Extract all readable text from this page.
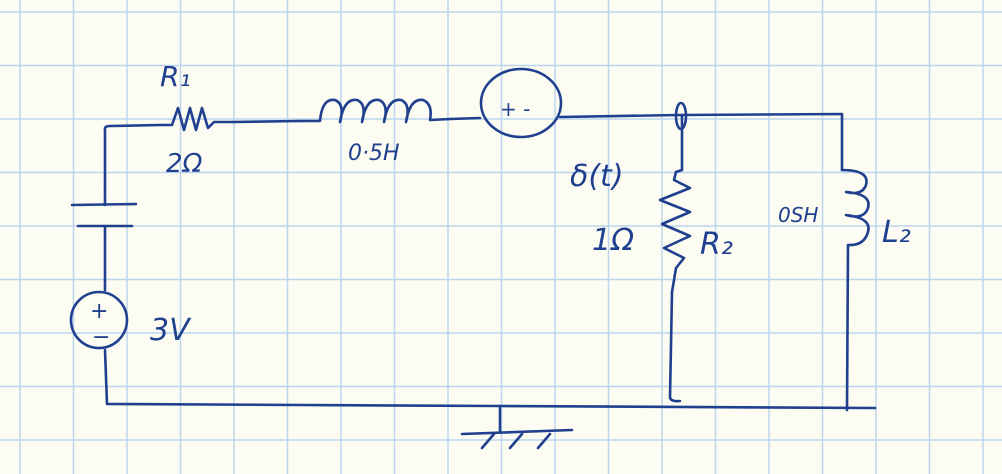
R₁
2Ω	0·5H
+ -
δ(t)
1Ω R₂
0SH L₂
+
− 3V
